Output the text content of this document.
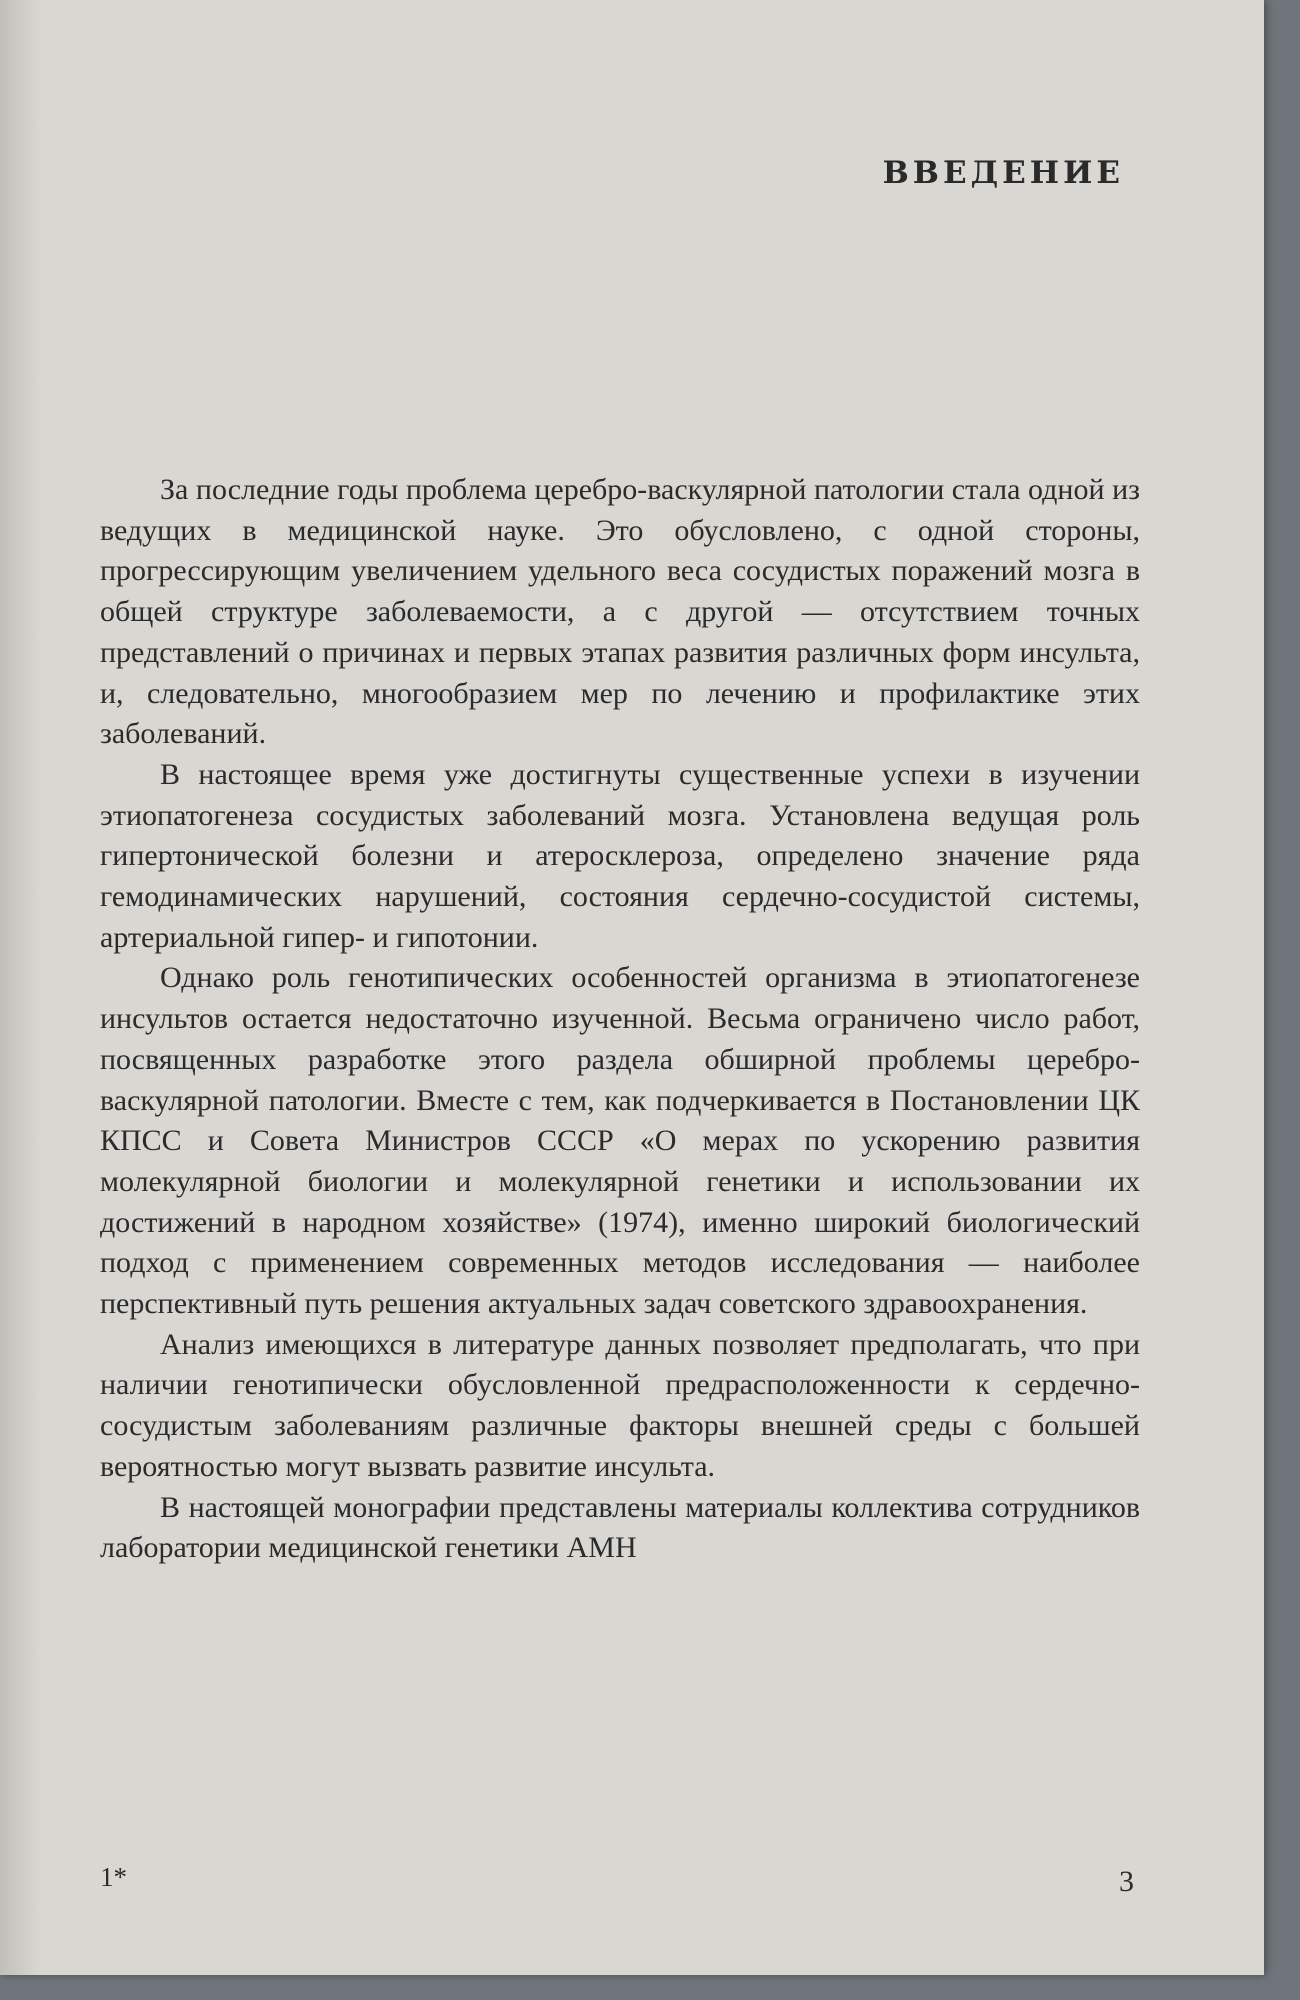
ВВЕДЕНИЕ

За последние годы проблема церебро-васкулярной патологии стала одной из ведущих в медицинской науке. Это обусловлено, с одной стороны, прогрессирующим увеличением удельного веса сосудистых поражений мозга в общей структуре заболеваемости, а с другой — отсутствием точных представлений о причинах и первых этапах развития различных форм инсульта, и, следовательно, многообразием мер по лечению и профилактике этих заболеваний.

В настоящее время уже достигнуты существенные успехи в изучении этиопатогенеза сосудистых заболеваний мозга. Установлена ведущая роль гипертонической болезни и атеросклероза, определено значение ряда гемодинамических нарушений, состояния сердечно-сосудистой системы, артериальной гипер- и гипотонии.

Однако роль генотипических особенностей организма в этиопатогенезе инсультов остается недостаточно изученной. Весьма ограничено число работ, посвященных разработке этого раздела обширной проблемы церебро-васкулярной патологии. Вместе с тем, как подчеркивается в Постановлении ЦК КПСС и Совета Министров СССР «О мерах по ускорению развития молекулярной биологии и молекулярной генетики и использовании их достижений в народном хозяйстве» (1974), именно широкий биологический подход с применением современных методов исследования — наиболее перспективный путь решения актуальных задач советского здравоохранения.

Анализ имеющихся в литературе данных позволяет предполагать, что при наличии генотипически обусловленной предрасположенности к сердечно-сосудистым заболеваниям различные факторы внешней среды с большей вероятностью могут вызвать развитие инсульта.

В настоящей монографии представлены материалы коллектива сотрудников лаборатории медицинской генетики АМН

1*	3
